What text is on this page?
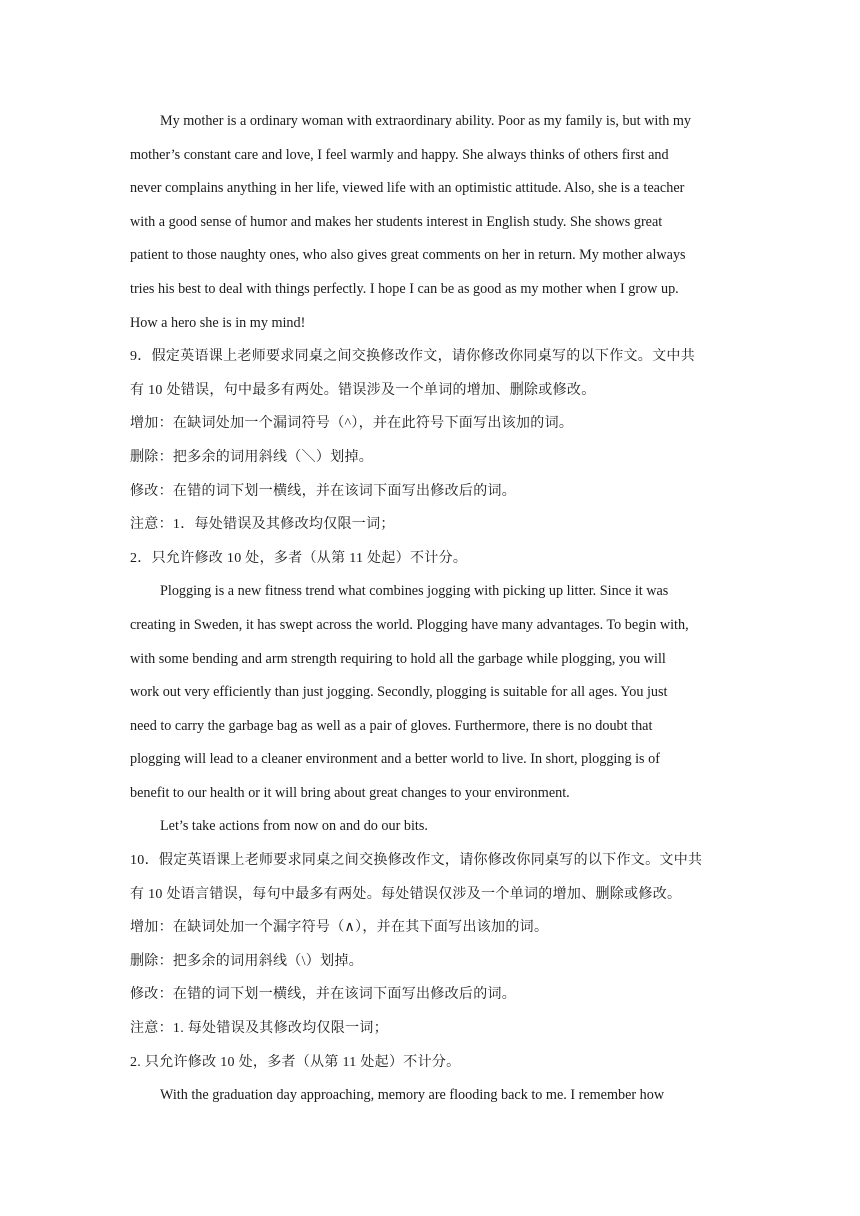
My mother is a ordinary woman with extraordinary ability. Poor as my family is, but with my
mother’s constant care and love, I feel warmly and happy. She always thinks of others first and
never complains anything in her life, viewed life with an optimistic attitude. Also, she is a teacher
with a good sense of humor and makes her students interest in English study. She shows great
patient to those naughty ones, who also gives great comments on her in return. My mother always
tries his best to deal with things perfectly. I hope I can be as good as my mother when I grow up.
How a hero she is in my mind!
9．假定英语课上老师要求同桌之间交换修改作文，请你修改你同桌写的以下作文。文中共
有 10 处错误，句中最多有两处。错误涉及一个单词的增加、删除或修改。
增加：在缺词处加一个漏词符号（^），并在此符号下面写出该加的词。
删除：把多余的词用斜线（＼）划掉。
修改：在错的词下划一横线，并在该词下面写出修改后的词。
注意：1．每处错误及其修改均仅限一词；
2．只允许修改 10 处，多者（从第 11 处起）不计分。
Plogging is a new fitness trend what combines jogging with picking up litter. Since it was
creating in Sweden, it has swept across the world. Plogging have many advantages. To begin with,
with some bending and arm strength requiring to hold all the garbage while plogging, you will
work out very efficiently than just jogging. Secondly, plogging is suitable for all ages. You just
need to carry the garbage bag as well as a pair of gloves. Furthermore, there is no doubt that
plogging will lead to a cleaner environment and a better world to live. In short, plogging is of
benefit to our health or it will bring about great changes to your environment.
Let’s take actions from now on and do our bits.
10．假定英语课上老师要求同桌之间交换修改作文，请你修改你同桌写的以下作文。文中共
有 10 处语言错误，每句中最多有两处。每处错误仅涉及一个单词的增加、删除或修改。
增加：在缺词处加一个漏字符号（∧），并在其下面写出该加的词。
删除：把多余的词用斜线（\）划掉。
修改：在错的词下划一横线，并在该词下面写出修改后的词。
注意：1. 每处错误及其修改均仅限一词；
2. 只允许修改 10 处，多者（从第 11 处起）不计分。
With the graduation day approaching, memory are flooding back to me. I remember how
